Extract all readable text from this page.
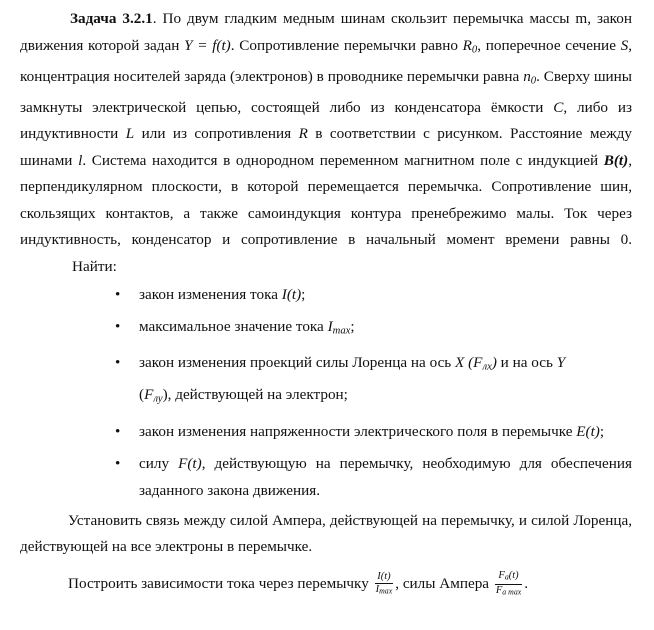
Задача 3.2.1. По двум гладким медным шинам скользит перемычка массы m, закон движения которой задан Y = f(t). Сопротивление перемычки равно $R_0$, поперечное сечение S, концентрация носителей заряда (электронов) в проводнике перемычки равна $n_0$. Сверху шины замкнуты электрической цепью, состоящей либо из конденсатора ёмкости C, либо из индуктивности L или из сопротивления R в соответствии с рисунком. Расстояние между шинами l. Система находится в однородном переменном магнитном поле с индукцией B(t), перпендикулярном плоскости, в которой перемещается перемычка. Сопротивление шин, скользящих контактов, а также самоиндукция контура пренебрежимо малы. Ток через индуктивность, конденсатор и сопротивление в начальный момент времени равны 0.

Найти:

• закон изменения тока I(t);
• максимальное значение тока $I_{max}$;
• закон изменения проекций силы Лоренца на ось X $(F_{лх})$ и на ось Y
$(F_{лу})$, действующей на электрон;
• закон изменения напряженности электрического поля в перемычке E(t);
• силу F(t), действующую на перемычку, необходимую для обеспечения заданного закона движения.

Установить связь между силой Ампера, действующей на перемычку, и силой Лоренца, действующей на все электроны в перемычке.

Построить зависимости тока через перемычку $\frac{I(t)}{Imax}$ , силы Ампера $\frac{Fa(t)}{\text{Fa max}}$ .
